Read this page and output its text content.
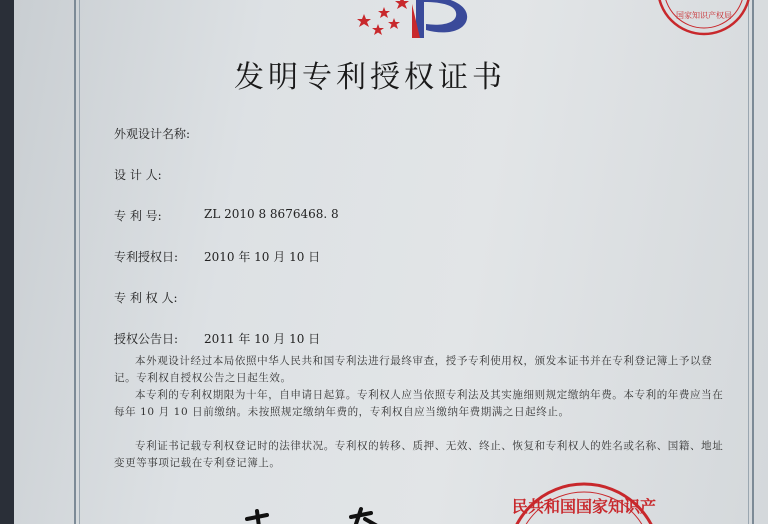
国家知识产权局
发明专利授权证书
外观设计名称:
设 计 人:
专 利 号:	ZL 2010 8 8676468. 8
专利授权日: 2010 年 10 月 10 日
专 利 权 人:
授权公告日: 2011 年 10 月 10 日
本外观设计经过本局依照中华人民共和国专利法进行最终审查，授予专利使用权，颁发本证书并在专利登记簿上予以登记。专利权自授权公告之日起生效。
本专利的专利权期限为十年，自申请日起算。专利权人应当依照专利法及其实施细则规定缴纳年费。本专利的年费应当在每年 10 月 10 日前缴纳。未按照规定缴纳年费的，专利权自应当缴纳年费期满之日起终止。
专利证书记载专利权登记时的法律状况。专利权的转移、质押、无效、终止、恢复和专利权人的姓名或名称、国籍、地址变更等事项记载在专利登记簿上。
民共和国国家知识产
